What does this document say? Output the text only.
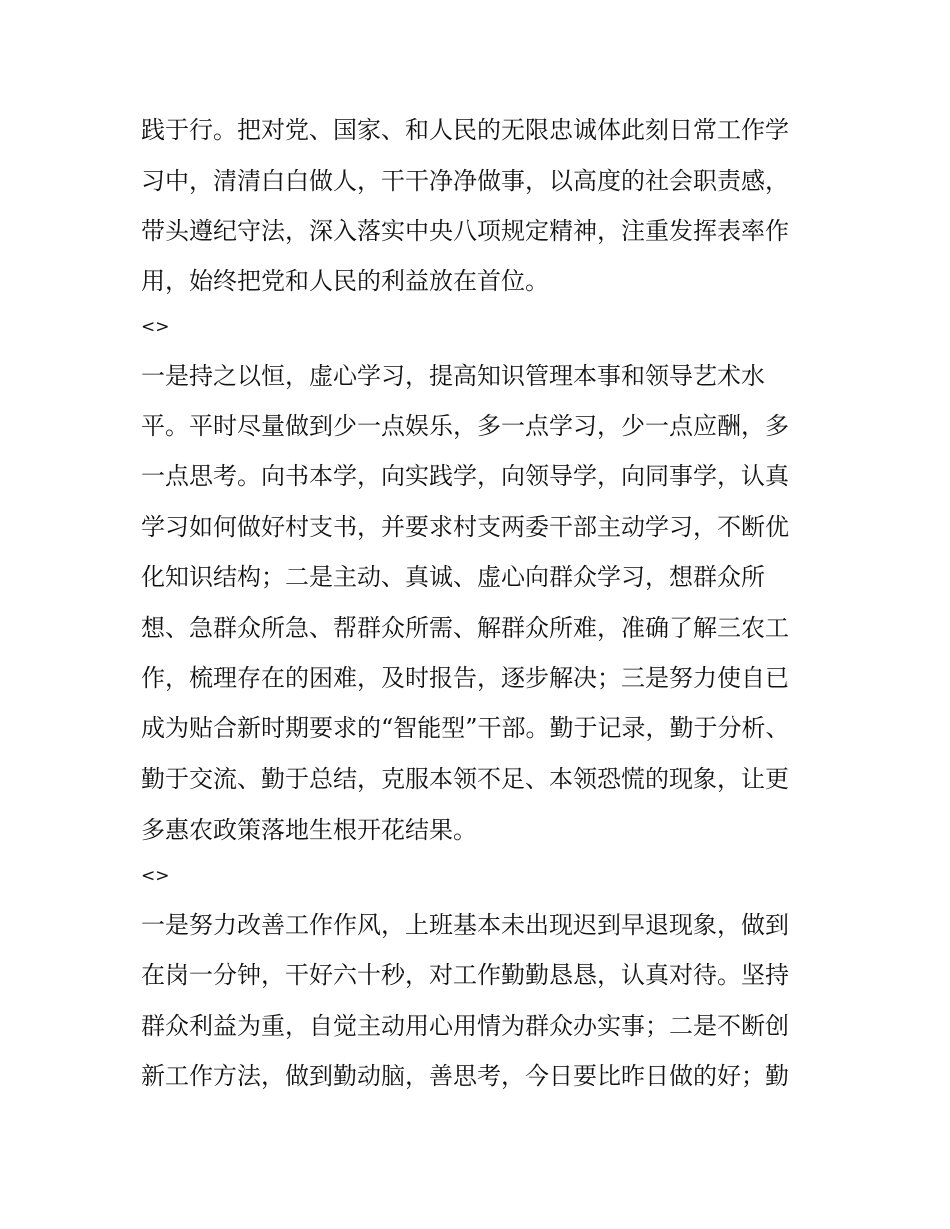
践于行。把对党、国家、和人民的无限忠诚体此刻日常工作学
习中，清清白白做人，干干净净做事，以高度的社会职责感，
带头遵纪守法，深入落实中央八项规定精神，注重发挥表率作
用，始终把党和人民的利益放在首位。
<>
一是持之以恒，虚心学习，提高知识管理本事和领导艺术水
平。平时尽量做到少一点娱乐，多一点学习，少一点应酬，多
一点思考。向书本学，向实践学，向领导学，向同事学，认真
学习如何做好村支书，并要求村支两委干部主动学习，不断优
化知识结构；二是主动、真诚、虚心向群众学习，想群众所
想、急群众所急、帮群众所需、解群众所难，准确了解三农工
作，梳理存在的困难，及时报告，逐步解决；三是努力使自已
成为贴合新时期要求的“智能型”干部。勤于记录，勤于分析、
勤于交流、勤于总结，克服本领不足、本领恐慌的现象，让更
多惠农政策落地生根开花结果。
<>
一是努力改善工作作风，上班基本未出现迟到早退现象，做到
在岗一分钟，干好六十秒，对工作勤勤恳恳，认真对待。坚持
群众利益为重，自觉主动用心用情为群众办实事；二是不断创
新工作方法，做到勤动脑，善思考，今日要比昨日做的好；勤
